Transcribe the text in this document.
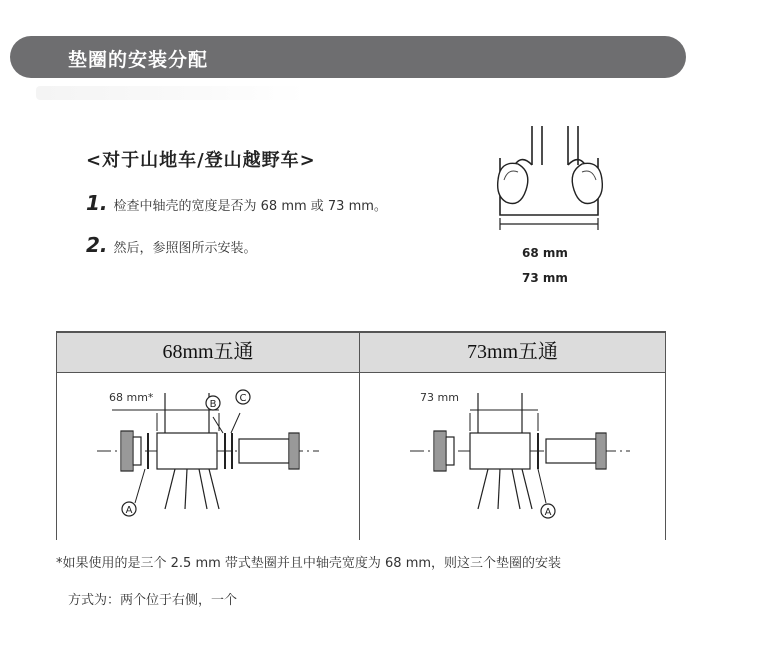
垫圈的安装分配
<对于山地车/登山越野车>
1. 检查中轴壳的宽度是否为 68 mm 或 73 mm。
2. 然后，参照图所示安装。	68 mm
73 mm
68mm五通	73mm五通
A
B
C
68 mm*
A
73 mm
*如果使用的是三个 2.5 mm 带式垫圈并且中轴壳宽度为 68 mm，则这三个垫圈的安装
方式为：两个位于右侧，一个
